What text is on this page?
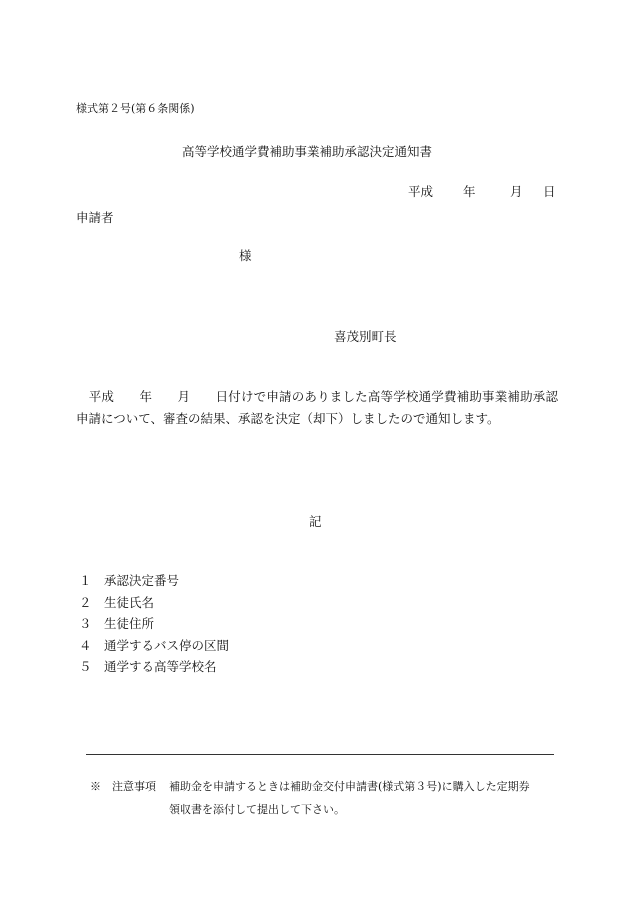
様式第２号(第６条関係)
高等学校通学費補助事業補助承認決定通知書
平成 年	月 日
申請者
様
喜茂別町長
　平成　　年　　月　　日付けで申請のありました高等学校通学費補助事業補助承認申請について、審査の結果、承認を決定（却下）しましたので通知します。
記
１ 承認決定番号
２ 生徒氏名
３ 生徒住所
４ 通学するバス停の区間
５ 通学する高等学校名
※　注意事項 補助金を申請するときは補助金交付申請書(様式第３号)に購入した定期券
領収書を添付して提出して下さい。
